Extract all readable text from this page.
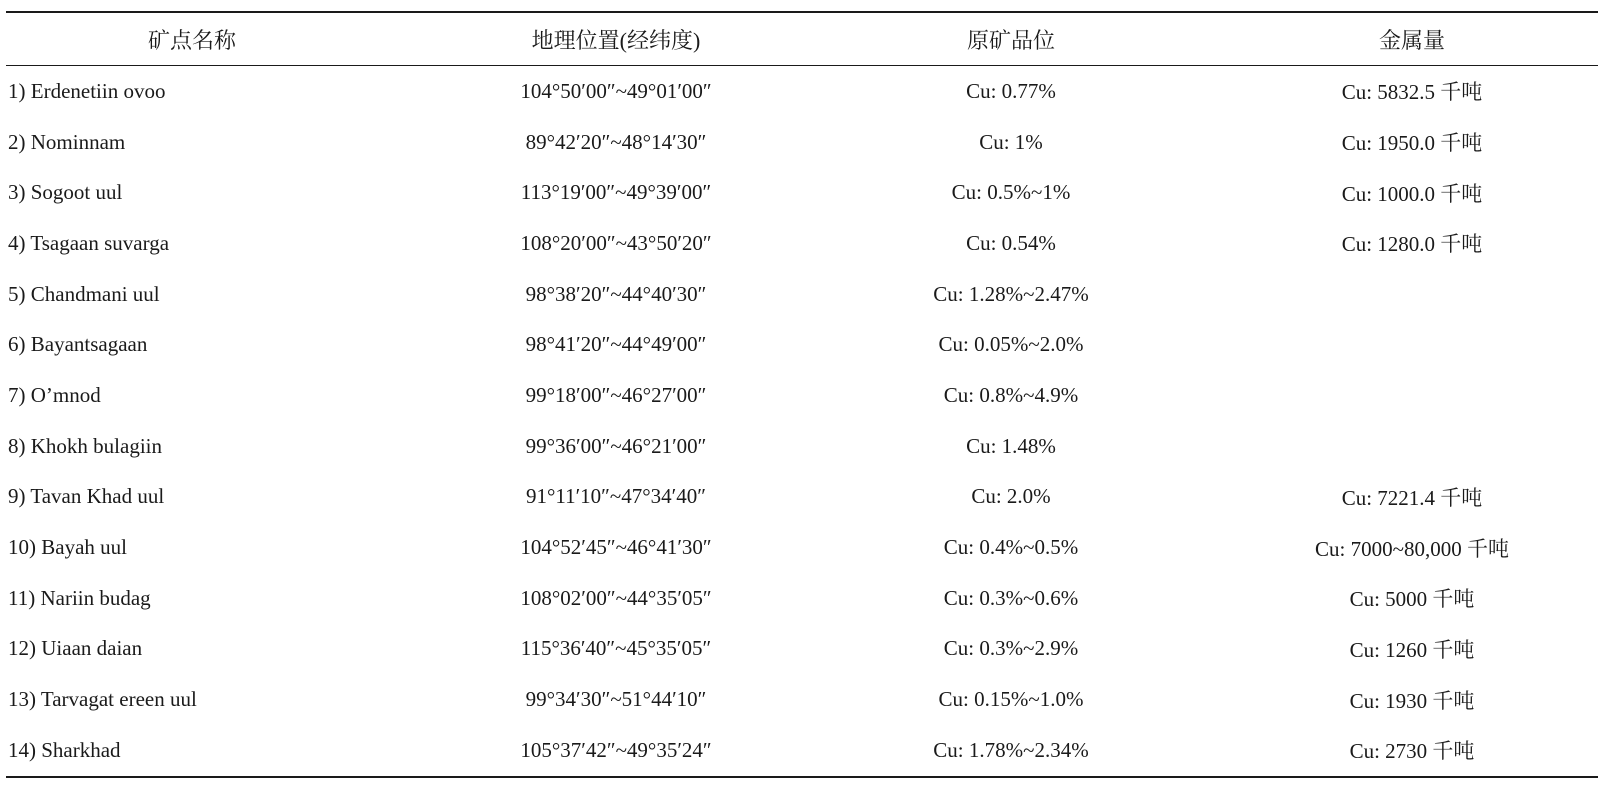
矿点名称	地理位置(经纬度)	原矿品位	金属量
1) Erdenetiin ovoo	104°50′00″~49°01′00″	Cu: 0.77%	Cu: 5832.5 千吨
2) Nominnam	89°42′20″~48°14′30″	Cu: 1%	Cu: 1950.0 千吨
3) Sogoot uul	113°19′00″~49°39′00″	Cu: 0.5%~1%	Cu: 1000.0 千吨
4) Tsagaan suvarga	108°20′00″~43°50′20″	Cu: 0.54%	Cu: 1280.0 千吨
5) Chandmani uul	98°38′20″~44°40′30″	Cu: 1.28%~2.47%	
6) Bayantsagaan	98°41′20″~44°49′00″	Cu: 0.05%~2.0%	
7) O’mnod	99°18′00″~46°27′00″	Cu: 0.8%~4.9%	
8) Khokh bulagiin	99°36′00″~46°21′00″	Cu: 1.48%	
9) Tavan Khad uul	91°11′10″~47°34′40″	Cu: 2.0%	Cu: 7221.4 千吨
10) Bayah uul	104°52′45″~46°41′30″	Cu: 0.4%~0.5%	Cu: 7000~80,000 千吨
11) Nariin budag	108°02′00″~44°35′05″	Cu: 0.3%~0.6%	Cu: 5000 千吨
12) Uiaan daian	115°36′40″~45°35′05″	Cu: 0.3%~2.9%	Cu: 1260 千吨
13) Tarvagat ereen uul	99°34′30″~51°44′10″	Cu: 0.15%~1.0%	Cu: 1930 千吨
14) Sharkhad	105°37′42″~49°35′24″	Cu: 1.78%~2.34%	Cu: 2730 千吨
